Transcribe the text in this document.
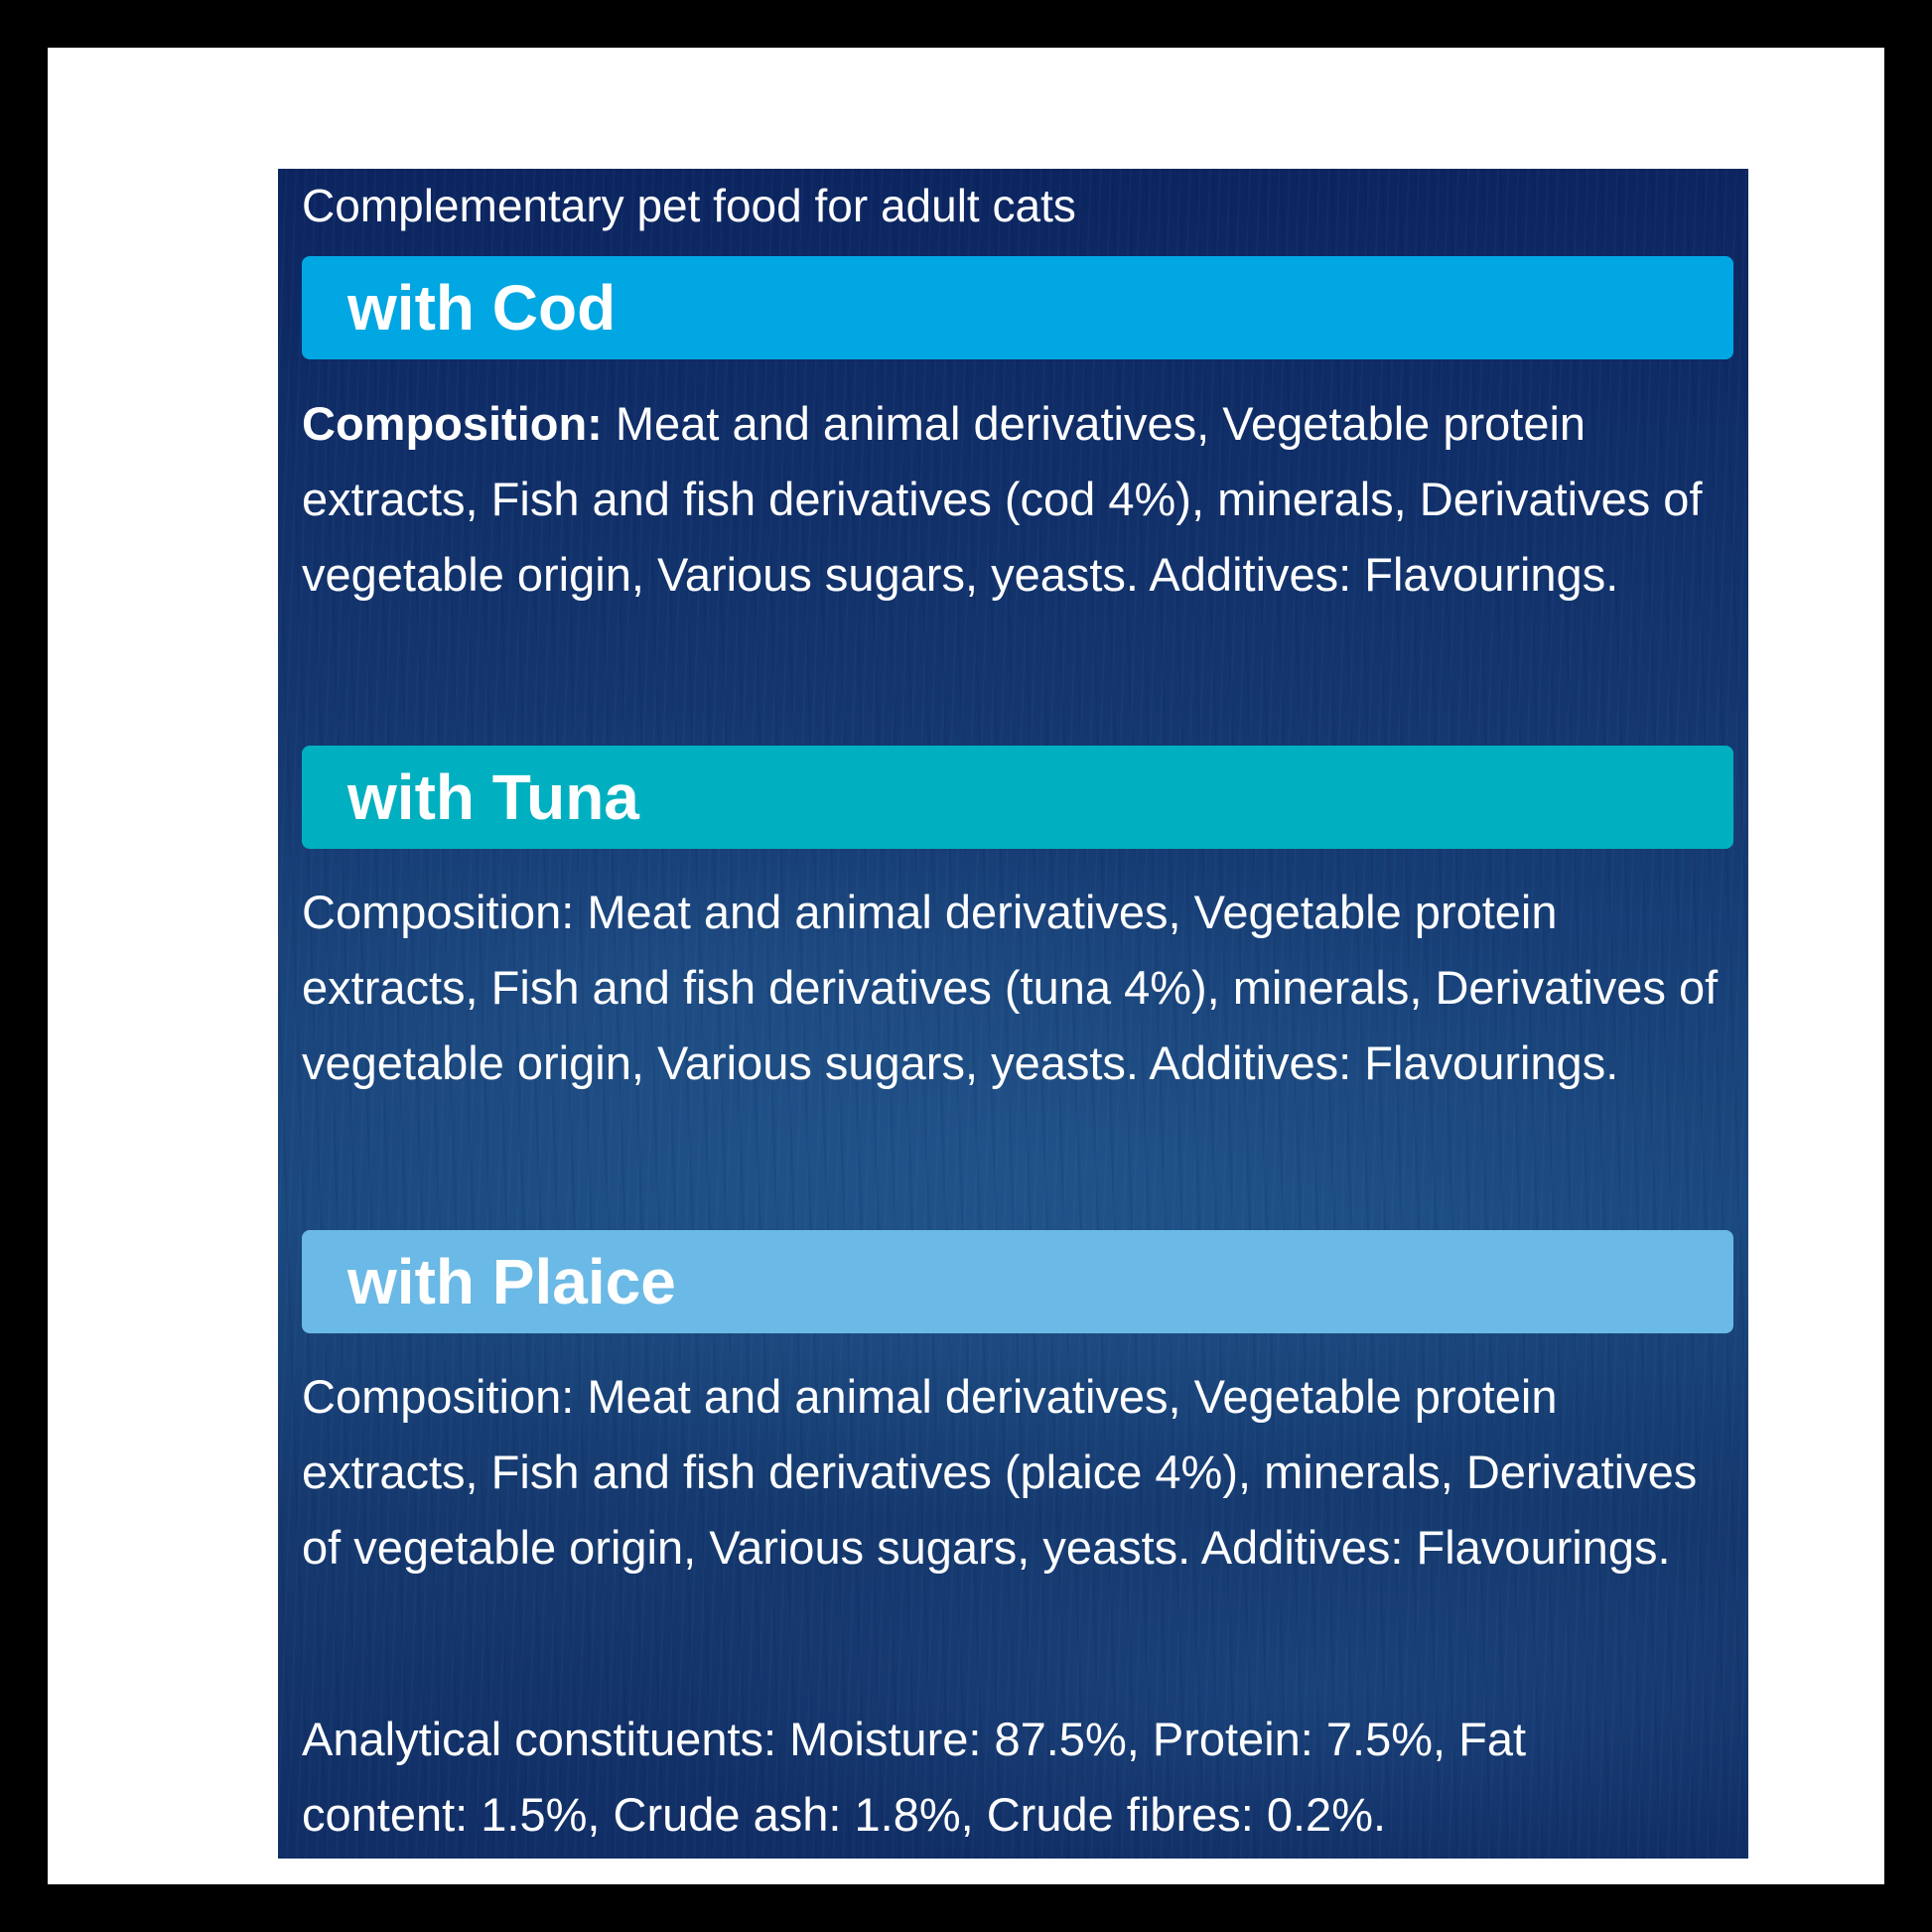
Complementary pet food for adult cats

with Cod

Composition: Meat and animal derivatives, Vegetable protein extracts, Fish and fish derivatives (cod 4%), minerals, Derivatives of vegetable origin, Various sugars, yeasts. Additives: Flavourings.

with Tuna

Composition: Meat and animal derivatives, Vegetable protein extracts, Fish and fish derivatives (tuna 4%), minerals, Derivatives of vegetable origin, Various sugars, yeasts. Additives: Flavourings.

with Plaice

Composition: Meat and animal derivatives, Vegetable protein extracts, Fish and fish derivatives (plaice 4%), minerals, Derivatives of vegetable origin, Various sugars, yeasts. Additives: Flavourings.

Analytical constituents: Moisture: 87.5%, Protein: 7.5%, Fat content: 1.5%, Crude ash: 1.8%, Crude fibres: 0.2%.
